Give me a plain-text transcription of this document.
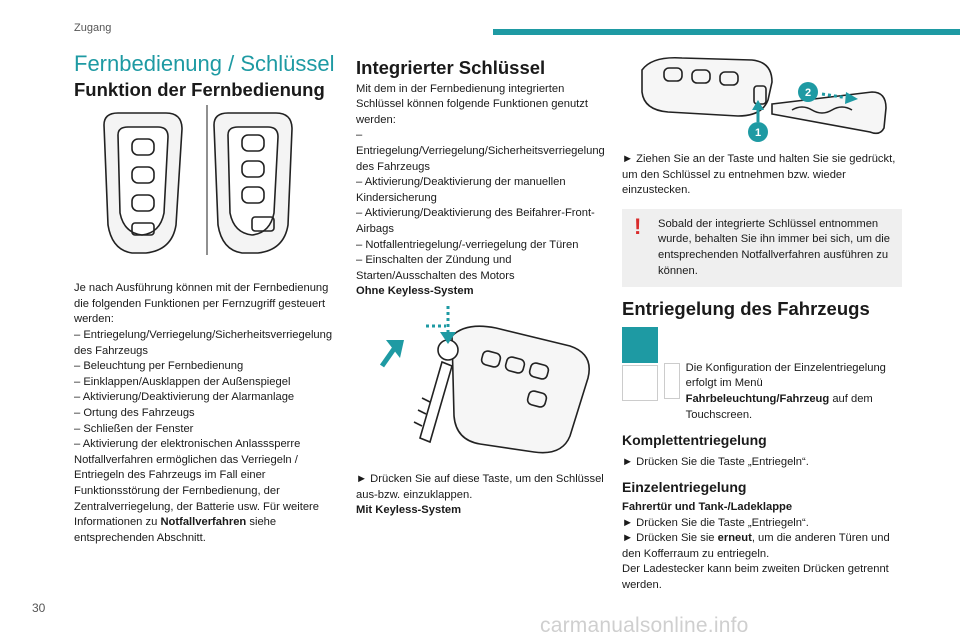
Zugang
Fernbedienung / Schlüssel
Funktion der Fernbedienung

Je nach Ausführung können mit der Fernbedienung die folgenden Funktionen per Fernzugriff gesteuert werden:

– Entriegelung/Verriegelung/Sicherheitsverriegelung des Fahrzeugs

– Beleuchtung per Fernbedienung

– Einklappen/Ausklappen der Außenspiegel

– Aktivierung/Deaktivierung der Alarmanlage

– Ortung des Fahrzeugs

– Schließen der Fenster

– Aktivierung der elektronischen Anlasssperre

Notfallverfahren ermöglichen das Verriegeln / Entriegeln des Fahrzeugs im Fall einer Funktionsstörung der Fernbedienung, der Zentralverriegelung, der Batterie usw. Für weitere Informationen zu Notfallverfahren siehe entsprechenden Abschnitt.

Integrierter Schlüssel

Mit dem in der Fernbedienung integrierten Schlüssel können folgende Funktionen genutzt werden:

– Entriegelung/Verriegelung/Sicherheitsverriegelung des Fahrzeugs

– Aktivierung/Deaktivierung der manuellen Kindersicherung

– Aktivierung/Deaktivierung des Beifahrer-Front-Airbags

– Notfallentriegelung/-verriegelung der Türen

– Einschalten der Zündung und Starten/Ausschalten des Motors

Ohne Keyless-System

► Drücken Sie auf diese Taste, um den Schlüssel aus-bzw. einzuklappen.

Mit Keyless-System

1
2

► Ziehen Sie an der Taste und halten Sie sie gedrückt, um den Schlüssel zu entnehmen bzw. wieder einzustecken.

! Sobald der integrierte Schlüssel entnommen wurde, behalten Sie ihn immer bei sich, um die entsprechenden Notfallverfahren ausführen zu können.

Entriegelung des Fahrzeugs

Die Konfiguration der Einzelentriegelung erfolgt im Menü Fahrbeleuchtung/Fahrzeug auf dem Touchscreen.

Komplettentriegelung

► Drücken Sie die Taste „Entriegeln“.

Einzelentriegelung

Fahrertür und Tank-/Ladeklappe

► Drücken Sie die Taste „Entriegeln“.

► Drücken Sie sie erneut, um die anderen Türen und den Kofferraum zu entriegeln.

Der Ladestecker kann beim zweiten Drücken getrennt werden.

30
carmanualsonline.info
